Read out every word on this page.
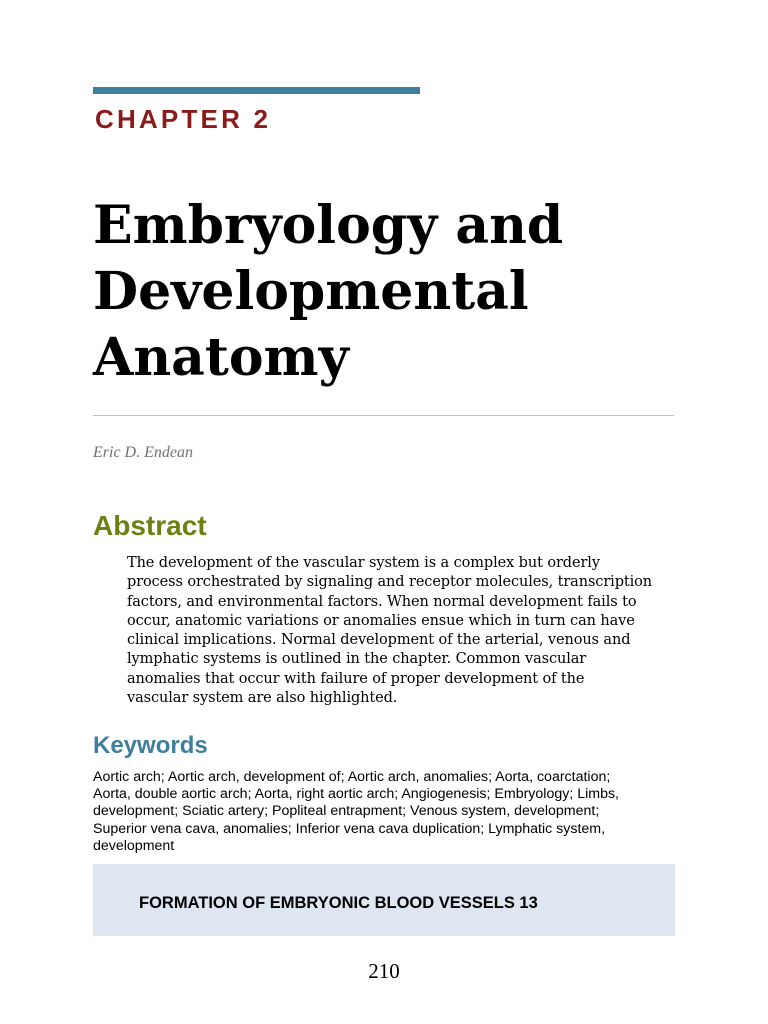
CHAPTER 2

Embryology and
Developmental
Anatomy

Eric D. Endean

Abstract

The development of the vascular system is a complex but orderly
process orchestrated by signaling and receptor molecules, transcription
factors, and environmental factors. When normal development fails to
occur, anatomic variations or anomalies ensue which in turn can have
clinical implications. Normal development of the arterial, venous and
lymphatic systems is outlined in the chapter. Common vascular
anomalies that occur with failure of proper development of the
vascular system are also highlighted.

Keywords

Aortic arch; Aortic arch, development of; Aortic arch, anomalies; Aorta, coarctation;
Aorta, double aortic arch; Aorta, right aortic arch; Angiogenesis; Embryology; Limbs,
development; Sciatic artery; Popliteal entrapment; Venous system, development;
Superior vena cava, anomalies; Inferior vena cava duplication; Lymphatic system,
development

FORMATION OF EMBRYONIC BLOOD VESSELS 13

210
